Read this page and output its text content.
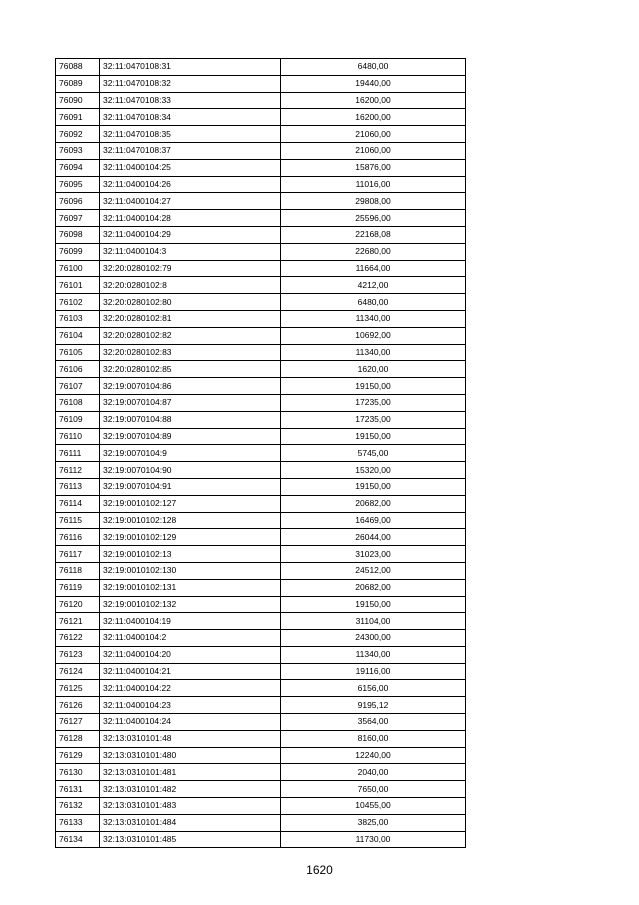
76088	32:11:0470108:31	6480,00
76089	32:11:0470108:32	19440,00
76090	32:11:0470108:33	16200,00
76091	32:11:0470108:34	16200,00
76092	32:11:0470108:35	21060,00
76093	32:11:0470108:37	21060,00
76094	32:11:0400104:25	15876,00
76095	32:11:0400104:26	11016,00
76096	32:11:0400104:27	29808,00
76097	32:11:0400104:28	25596,00
76098	32:11:0400104:29	22168,08
76099	32:11:0400104:3	22680,00
76100	32:20:0280102:79	11664,00
76101	32:20:0280102:8	4212,00
76102	32:20:0280102:80	6480,00
76103	32:20:0280102:81	11340,00
76104	32:20:0280102:82	10692,00
76105	32:20:0280102:83	11340,00
76106	32:20:0280102:85	1620,00
76107	32:19:0070104:86	19150,00
76108	32:19:0070104:87	17235,00
76109	32:19:0070104:88	17235,00
76110	32:19:0070104:89	19150,00
76111	32:19:0070104:9	5745,00
76112	32:19:0070104:90	15320,00
76113	32:19:0070104:91	19150,00
76114	32:19:0010102:127	20682,00
76115	32:19:0010102:128	16469,00
76116	32:19:0010102:129	26044,00
76117	32:19:0010102:13	31023,00
76118	32:19:0010102:130	24512,00
76119	32:19:0010102:131	20682,00
76120	32:19:0010102:132	19150,00
76121	32:11:0400104:19	31104,00
76122	32:11:0400104:2	24300,00
76123	32:11:0400104:20	11340,00
76124	32:11:0400104:21	19116,00
76125	32:11:0400104:22	6156,00
76126	32:11:0400104:23	9195,12
76127	32:11:0400104:24	3564,00
76128	32:13:0310101:48	8160,00
76129	32:13:0310101:480	12240,00
76130	32:13:0310101:481	2040,00
76131	32:13:0310101:482	7650,00
76132	32:13:0310101:483	10455,00
76133	32:13:0310101:484	3825,00
76134	32:13:0310101:485	11730,00
1620
